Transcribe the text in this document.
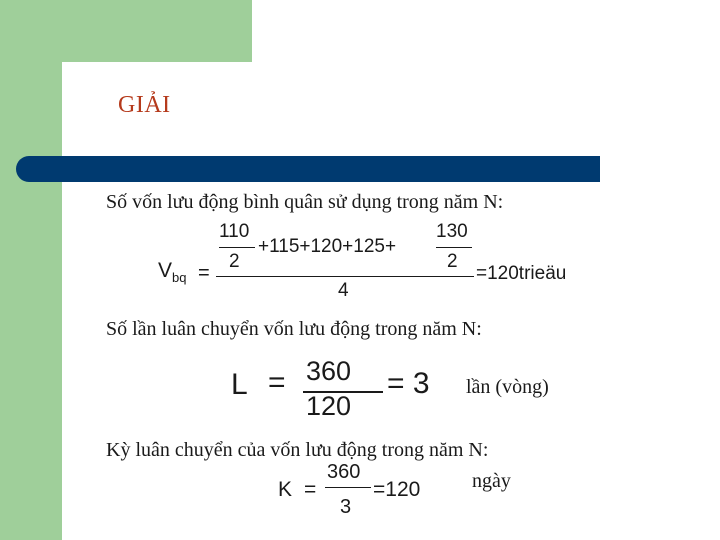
GIẢI
Số vốn lưu động bình quân sử dụng trong năm N:
$V_{bq}$ =
110
2
+115+120+125+
130
2
4
=120trieäu
Số lần luân chuyển vốn lưu động trong năm N:
L = 360
120
= 3 lần (vòng)
Kỳ luân chuyển của vốn lưu động trong năm N:
K =
360
3
=120	ngày
